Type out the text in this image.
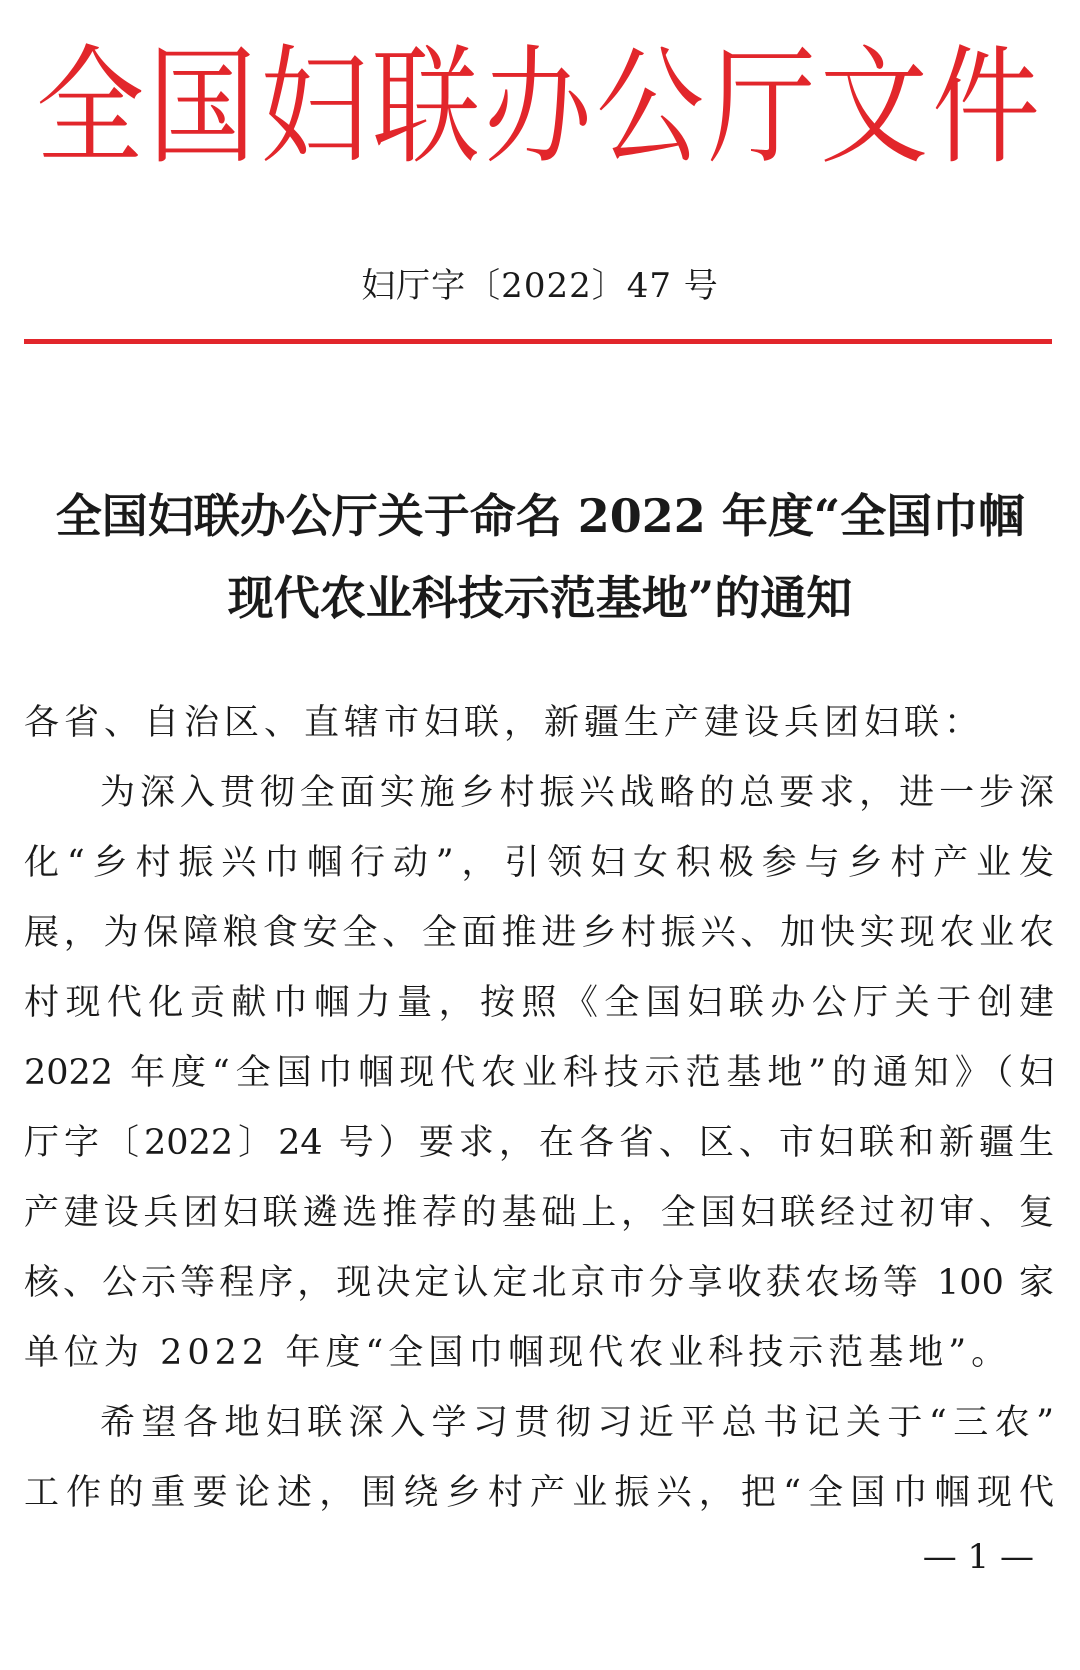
全国妇联办公厅文件
妇厅字〔2022〕47 号
全国妇联办公厅关于命名 2022 年度“全国巾帼
现代农业科技示范基地”的通知
各省、自治区、直辖市妇联，新疆生产建设兵团妇联：
为深入贯彻全面实施乡村振兴战略的总要求，进一步深
化“乡村振兴巾帼行动”，引领妇女积极参与乡村产业发
展，为保障粮食安全、全面推进乡村振兴、加快实现农业农
村现代化贡献巾帼力量，按照《全国妇联办公厅关于创建
2022 年度“全国巾帼现代农业科技示范基地”的通知》（妇
厅字〔2022〕24 号）要求，在各省、区、市妇联和新疆生
产建设兵团妇联遴选推荐的基础上，全国妇联经过初审、复
核、公示等程序，现决定认定北京市分享收获农场等 100 家
单位为 2022 年度“全国巾帼现代农业科技示范基地”。
希望各地妇联深入学习贯彻习近平总书记关于“三农”
工作的重要论述，围绕乡村产业振兴，把“全国巾帼现代
— 1 —
